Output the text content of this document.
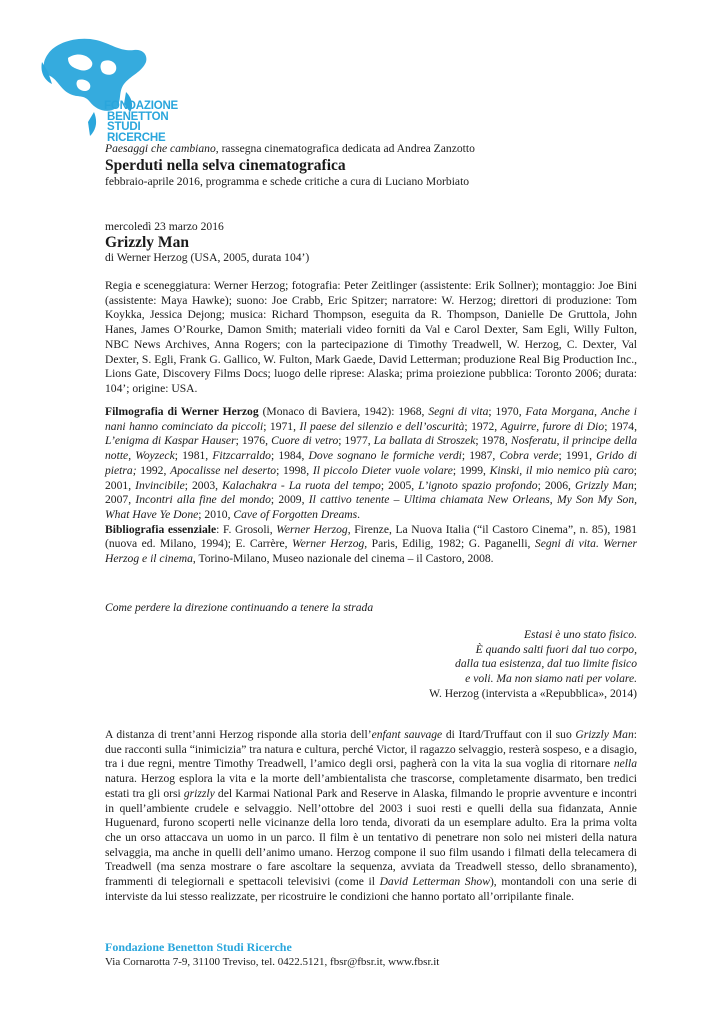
FONDAZIONE
BENETTON
STUDI RICERCHE
Paesaggi che cambiano, rassegna cinematografica dedicata ad Andrea Zanzotto
Sperduti nella selva cinematografica
febbraio-aprile 2016, programma e schede critiche a cura di Luciano Morbiato
mercoledì 23 marzo 2016
Grizzly Man
di Werner Herzog (USA, 2005, durata 104’)

Regia e sceneggiatura: Werner Herzog; fotografia: Peter Zeitlinger (assistente: Erik Sollner); montaggio: Joe Bini (assistente: Maya Hawke); suono: Joe Crabb, Eric Spitzer; narratore: W. Herzog; direttori di produzione: Tom Koykka, Jessica Dejong; musica: Richard Thompson, eseguita da R. Thompson, Danielle De Gruttola, John Hanes, James O’Rourke, Damon Smith; materiali video forniti da Val e Carol Dexter, Sam Egli, Willy Fulton, NBC News Archives, Anna Rogers; con la partecipazione di Timothy Treadwell, W. Herzog, C. Dexter, Val Dexter, S. Egli, Frank G. Gallico, W. Fulton, Mark Gaede, David Letterman; produzione Real Big Production Inc., Lions Gate, Discovery Films Docs; luogo delle riprese: Alaska; prima proiezione pubblica: Toronto 2006; durata: 104’; origine: USA.

Filmografia di Werner Herzog (Monaco di Baviera, 1942): 1968, Segni di vita; 1970, Fata Morgana, Anche i nani hanno cominciato da piccoli; 1971, Il paese del silenzio e dell’oscurità; 1972, Aguirre, furore di Dio; 1974, L’enigma di Kaspar Hauser; 1976, Cuore di vetro; 1977, La ballata di Stroszek; 1978, Nosferatu, il principe della notte, Woyzeck; 1981, Fitzcarraldo; 1984, Dove sognano le formiche verdi; 1987, Cobra verde; 1991, Grido di pietra; 1992, Apocalisse nel deserto; 1998, Il piccolo Dieter vuole volare; 1999, Kinski, il mio nemico più caro; 2001, Invincibile; 2003, Kalachakra - La ruota del tempo; 2005, L’ignoto spazio profondo; 2006, Grizzly Man; 2007, Incontri alla fine del mondo; 2009, Il cattivo tenente – Ultima chiamata New Orleans, My Son My Son, What Have Ye Done; 2010, Cave of Forgotten Dreams.
Bibliografia essenziale: F. Grosoli, Werner Herzog, Firenze, La Nuova Italia (“il Castoro Cinema”, n. 85), 1981 (nuova ed. Milano, 1994); E. Carrère, Werner Herzog, Paris, Edilig, 1982; G. Paganelli, Segni di vita. Werner Herzog e il cinema, Torino-Milano, Museo nazionale del cinema – il Castoro, 2008.

Come perdere la direzione continuando a tenere la strada
Estasi è uno stato fisico.
È quando salti fuori dal tuo corpo,
dalla tua esistenza, dal tuo limite fisico
e voli. Ma non siamo nati per volare.
W. Herzog (intervista a «Repubblica», 2014)

A distanza di trent’anni Herzog risponde alla storia dell’enfant sauvage di Itard/Truffaut con il suo Grizzly Man: due racconti sulla “inimicizia” tra natura e cultura, perché Victor, il ragazzo selvaggio, resterà sospeso, e a disagio, tra i due regni, mentre Timothy Treadwell, l’amico degli orsi, pagherà con la vita la sua voglia di ritornare nella natura. Herzog esplora la vita e la morte dell’ambientalista che trascorse, completamente disarmato, ben tredici estati tra gli orsi grizzly del Karmai National Park and Reserve in Alaska, filmando le proprie avventure e incontri in quell’ambiente crudele e selvaggio. Nell’ottobre del 2003 i suoi resti e quelli della sua fidanzata, Annie Huguenard, furono scoperti nelle vicinanze della loro tenda, divorati da un esemplare adulto. Era la prima volta che un orso attaccava un uomo in un parco. Il film è un tentativo di penetrare non solo nei misteri della natura selvaggia, ma anche in quelli dell’animo umano. Herzog compone il suo film usando i filmati della telecamera di Treadwell (ma senza mostrare o fare ascoltare la sequenza, avviata da Treadwell stesso, dello sbranamento), frammenti di telegiornali e spettacoli televisivi (come il David Letterman Show), montandoli con una serie di interviste da lui stesso realizzate, per ricostruire le condizioni che hanno portato all’orripilante finale.

Fondazione Benetton Studi Ricerche
Via Cornarotta 7-9, 31100 Treviso, tel. 0422.5121, fbsr@fbsr.it, www.fbsr.it
